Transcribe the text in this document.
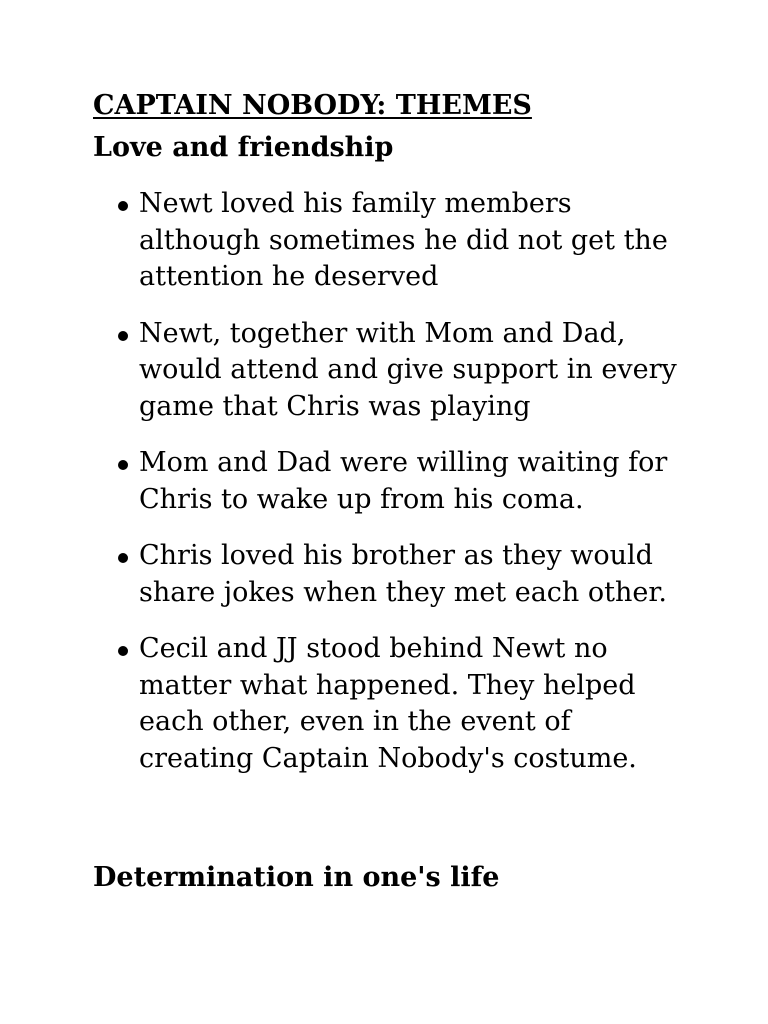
CAPTAIN NOBODY: THEMES
Love and friendship
Newt loved his family members although sometimes he did not get the attention he deserved
Newt, together with Mom and Dad, would attend and give support in every game that Chris was playing
Mom and Dad were willing waiting for Chris to wake up from his coma.
Chris loved his brother as they would share jokes when they met each other.
Cecil and JJ stood behind Newt no matter what happened. They helped each other, even in the event of creating Captain Nobody's costume.
Determination in one's life
